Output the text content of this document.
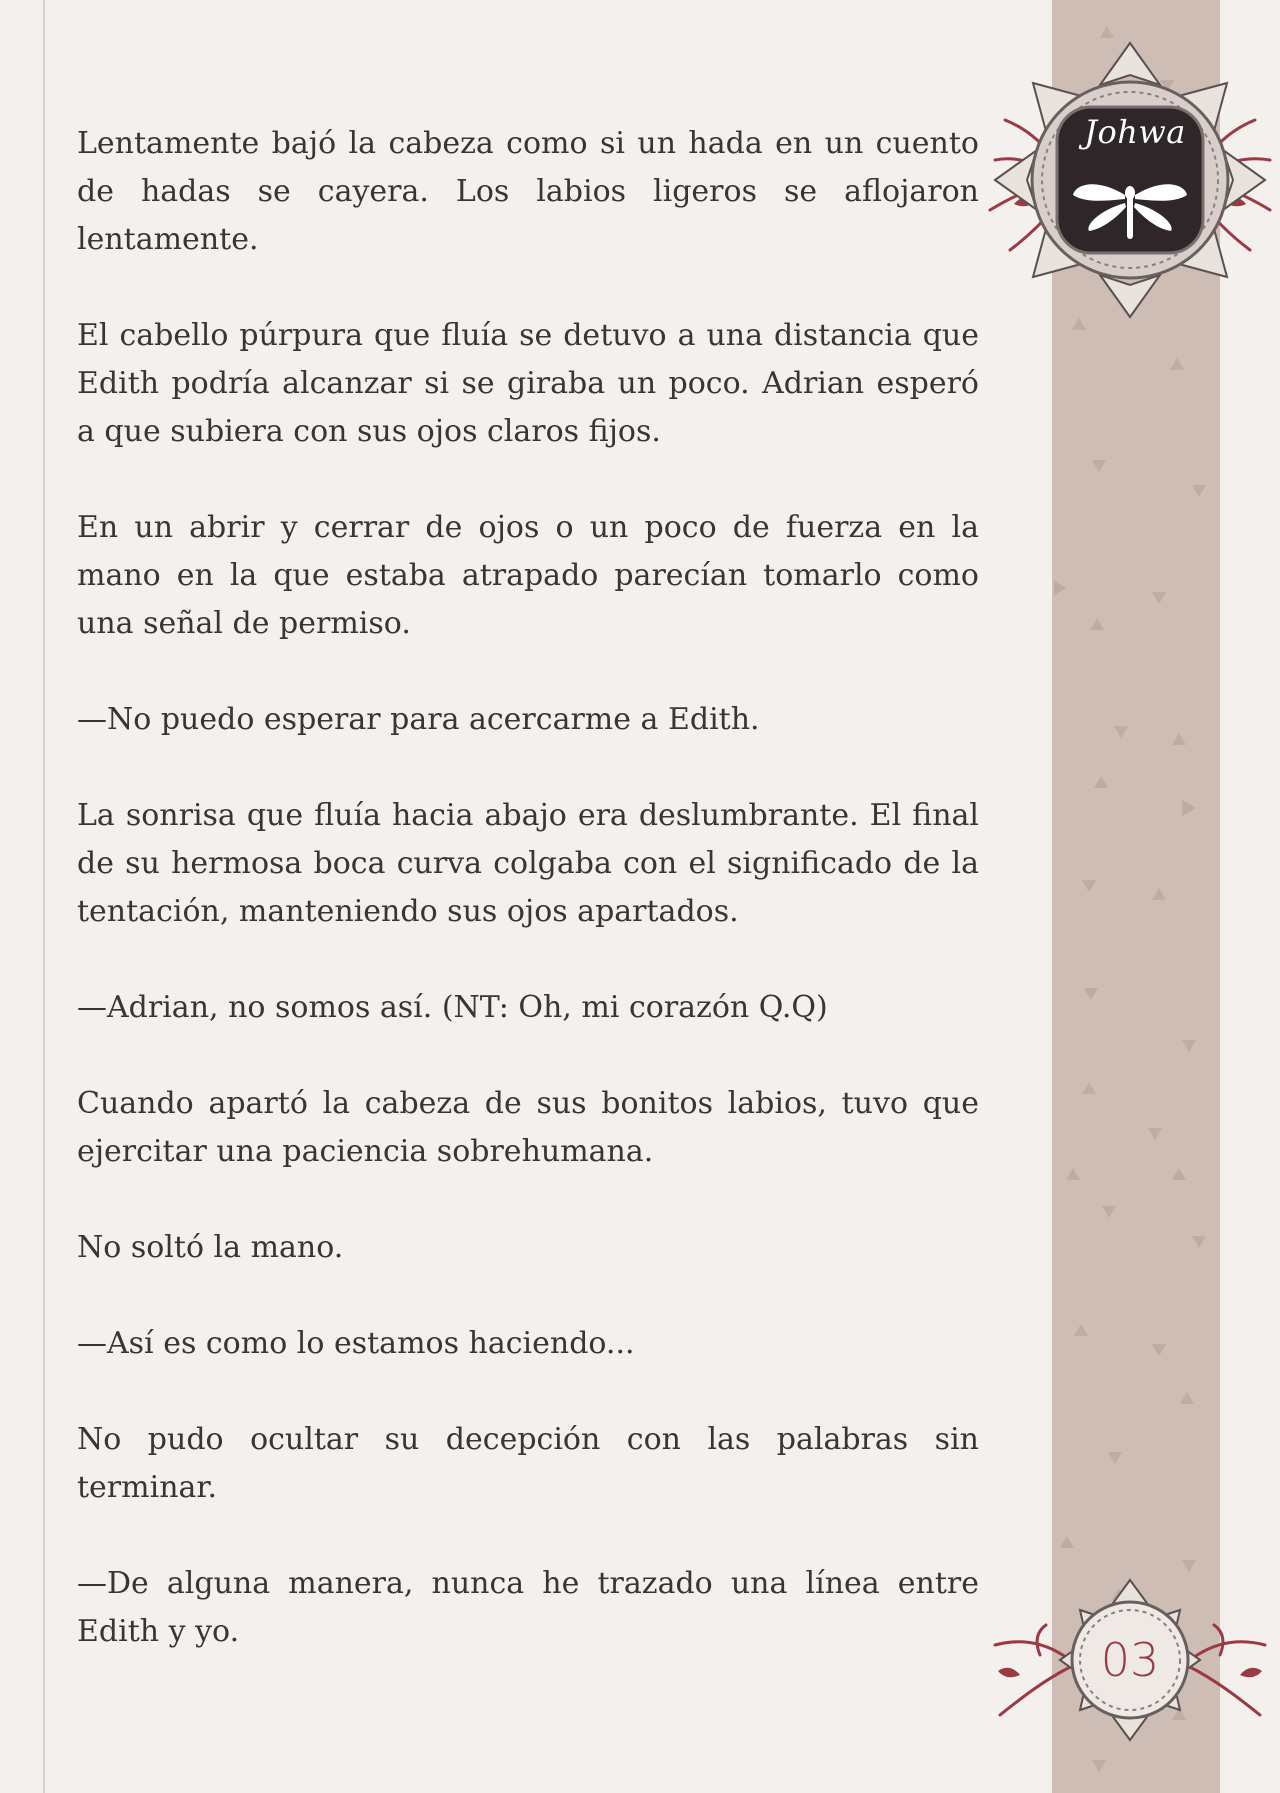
Lentamente bajó la cabeza como si un hada en un cuento de hadas se cayera. Los labios ligeros se aflojaron lentamente.

El cabello púrpura que fluía se detuvo a una distancia que Edith podría alcanzar si se giraba un poco. Adrian esperó a que subiera con sus ojos claros fijos.

En un abrir y cerrar de ojos o un poco de fuerza en la mano en la que estaba atrapado parecían tomarlo como una señal de permiso.

—No puedo esperar para acercarme a Edith.

La sonrisa que fluía hacia abajo era deslumbrante. El final de su hermosa boca curva colgaba con el significado de la tentación, manteniendo sus ojos apartados.

—Adrian, no somos así. (NT: Oh, mi corazón Q.Q)

Cuando apartó la cabeza de sus bonitos labios, tuvo que ejercitar una paciencia sobrehumana.

No soltó la mano.

—Así es como lo estamos haciendo...

No pudo ocultar su decepción con las palabras sin terminar.

—De alguna manera, nunca he trazado una línea entre Edith y yo.

Johwa
03
